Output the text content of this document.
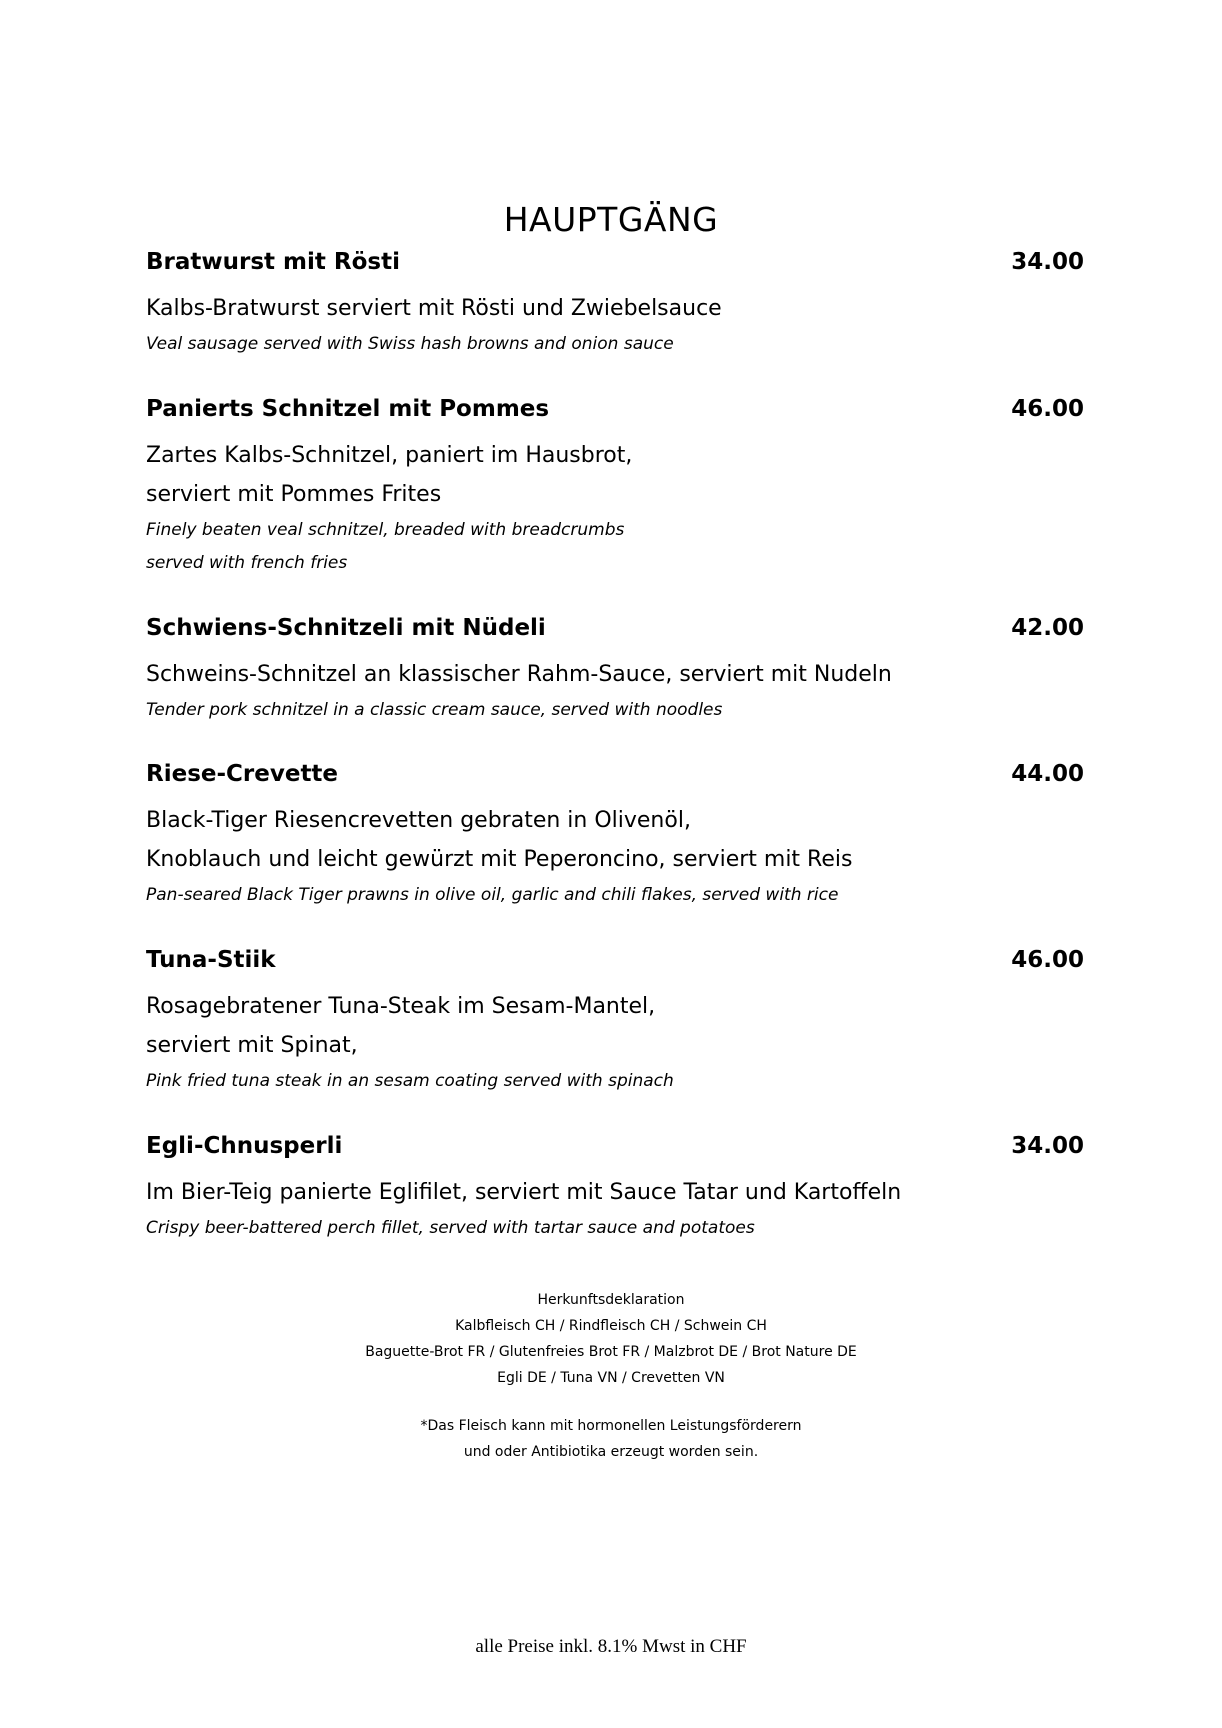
HAUPTGÄNG
Bratwurst mit Rösti	34.00

Kalbs-Bratwurst serviert mit Rösti und Zwiebelsauce

Veal sausage served with Swiss hash browns and onion sauce

Panierts Schnitzel mit Pommes	46.00

Zartes Kalbs-Schnitzel, paniert im Hausbrot,
serviert mit Pommes Frites

Finely beaten veal schnitzel, breaded with breadcrumbs
served with french fries

Schwiens-Schnitzeli mit Nüdeli	42.00

Schweins-Schnitzel an klassischer Rahm-Sauce, serviert mit Nudeln

Tender pork schnitzel in a classic cream sauce, served with noodles

Riese-Crevette	44.00

Black-Tiger Riesencrevetten gebraten in Olivenöl,
Knoblauch und leicht gewürzt mit Peperoncino, serviert mit Reis

Pan-seared Black Tiger prawns in olive oil, garlic and chili flakes, served with rice

Tuna-Stiik	46.00

Rosagebratener Tuna-Steak im Sesam-Mantel,
serviert mit Spinat,

Pink fried tuna steak in an sesam coating served with spinach

Egli-Chnusperli	34.00

Im Bier-Teig panierte Eglifilet, serviert mit Sauce Tatar und Kartoffeln

Crispy beer-battered perch fillet, served with tartar sauce and potatoes

Herkunftsdeklaration
Kalbfleisch CH / Rindfleisch CH / Schwein CH
Baguette-Brot FR / Glutenfreies Brot FR / Malzbrot DE / Brot Nature DE
Egli DE / Tuna VN / Crevetten VN
*Das Fleisch kann mit hormonellen Leistungsförderern
und oder Antibiotika erzeugt worden sein.
alle Preise inkl. 8.1% Mwst in CHF
